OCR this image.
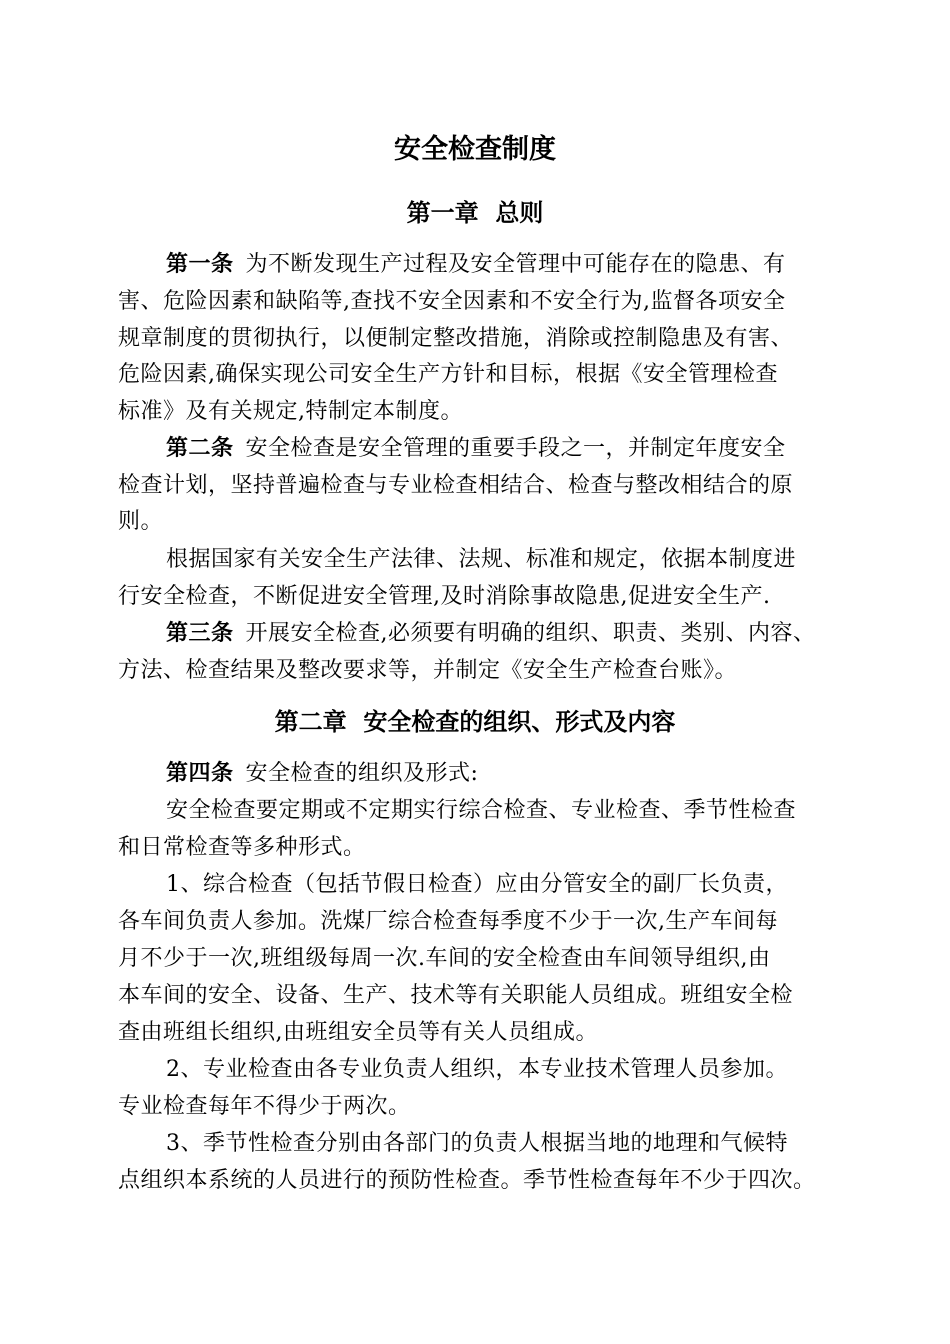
安全检查制度
第一章  总则
第一条 为不断发现生产过程及安全管理中可能存在的隐患、有
害、危险因素和缺陷等,查找不安全因素和不安全行为,监督各项安全
规章制度的贯彻执行，以便制定整改措施，消除或控制隐患及有害、
危险因素,确保实现公司安全生产方针和目标，根据《安全管理检查
标准》及有关规定,特制定本制度。
第二条 安全检查是安全管理的重要手段之一，并制定年度安全
检查计划，坚持普遍检查与专业检查相结合、检查与整改相结合的原
则。
根据国家有关安全生产法律、法规、标准和规定，依据本制度进
行安全检查，不断促进安全管理,及时消除事故隐患,促进安全生产.
第三条 开展安全检查,必须要有明确的组织、职责、类别、内容、
方法、检查结果及整改要求等，并制定《安全生产检查台账》。
第二章  安全检查的组织、形式及内容
第四条 安全检查的组织及形式:
安全检查要定期或不定期实行综合检查、专业检查、季节性检查
和日常检查等多种形式。
1、综合检查（包括节假日检查）应由分管安全的副厂长负责，
各车间负责人参加。洗煤厂综合检查每季度不少于一次,生产车间每
月不少于一次,班组级每周一次.车间的安全检查由车间领导组织,由
本车间的安全、设备、生产、技术等有关职能人员组成。班组安全检
查由班组长组织,由班组安全员等有关人员组成。
2、专业检查由各专业负责人组织，本专业技术管理人员参加。
专业检查每年不得少于两次。
3、季节性检查分别由各部门的负责人根据当地的地理和气候特
点组织本系统的人员进行的预防性检查。季节性检查每年不少于四次。
